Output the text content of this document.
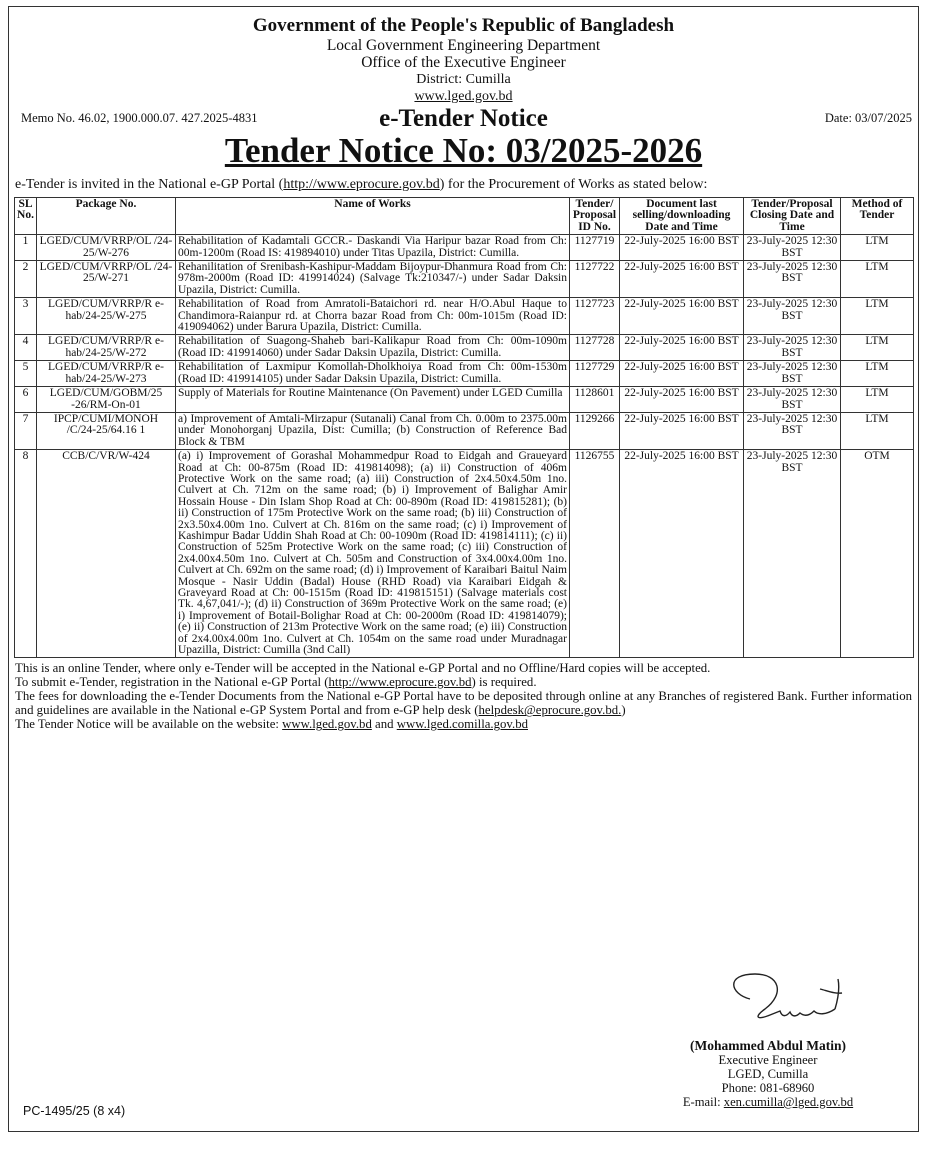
Government of the People's Republic of Bangladesh
Local Government Engineering Department
Office of the Executive Engineer
District: Cumilla
www.lged.gov.bd
e-Tender Notice
Memo No. 46.02, 1900.000.07. 427.2025-4831	Date: 03/07/2025
Tender Notice No: 03/2025-2026
e-Tender is invited in the National e-GP Portal (http://www.eprocure.gov.bd) for the Procurement of Works as stated below:
SL No.	Package No.	Name of Works	Tender/ Proposal ID No.	Document last selling/downloading Date and Time	Tender/Proposal Closing Date and Time	Method of Tender
1	LGED/CUM/VRRP/OL /24-25/W-276	Rehabilitation of Kadamtali GCCR.- Daskandi Via Haripur bazar Road from Ch: 00m-1200m (Road IS: 419894010) under Titas Upazila, District: Cumilla.	1127719	22-July-2025 16:00 BST	23-July-2025 12:30 BST	LTM
2	LGED/CUM/VRRP/OL /24-25/W-271	Rehanilitation of Srenibash-Kashipur-Maddam Bijoypur-Dhanmura Road from Ch: 978m-2000m (Road ID: 419914024) (Salvage Tk:210347/-) under Sadar Daksin Upazila, District: Cumilla.	1127722	22-July-2025 16:00 BST	23-July-2025 12:30 BST	LTM
3	LGED/CUM/VRRP/R e-hab/24-25/W-275	Rehabilitation of Road from Amratoli-Bataichori rd. near H/O.Abul Haque to Chandimora-Raianpur rd. at Chorra bazar Road from Ch: 00m-1015m (Road ID: 419094062) under Barura Upazila, District: Cumilla.	1127723	22-July-2025 16:00 BST	23-July-2025 12:30 BST	LTM
4	LGED/CUM/VRRP/R e-hab/24-25/W-272	Rehabilitation of Suagong-Shaheb bari-Kalikapur Road from Ch: 00m-1090m (Road ID: 419914060) under Sadar Daksin Upazila, District: Cumilla.	1127728	22-July-2025 16:00 BST	23-July-2025 12:30 BST	LTM
5	LGED/CUM/VRRP/R e-hab/24-25/W-273	Rehabilitation of Laxmipur Komollah-Dholkhoiya Road from Ch: 00m-1530m (Road ID: 419914105) under Sadar Daksin Upazila, District: Cumilla.	1127729	22-July-2025 16:00 BST	23-July-2025 12:30 BST	LTM
6	LGED/CUM/GOBM/25 -26/RM-On-01	Supply of Materials for Routine Maintenance (On Pavement) under LGED Cumilla	1128601	22-July-2025 16:00 BST	23-July-2025 12:30 BST	LTM
7	IPCP/CUMI/MONOH /C/24-25/64.16 1	a) Improvement of Amtali-Mirzapur (Sutanali) Canal from Ch. 0.00m to 2375.00m under Monohorganj Upazila, Dist: Cumilla; (b) Construction of Reference Bad Block & TBM	1129266	22-July-2025 16:00 BST	23-July-2025 12:30 BST	LTM
8	CCB/C/VR/W-424	(a) i) Improvement of Gorashal Mohammedpur Road to Eidgah and Graueyard Road at Ch: 00-875m (Road ID: 419814098); (a) ii) Construction of 406m Protective Work on the same road; (a) iii) Construction of 2x4.50x4.50m 1no. Culvert at Ch. 712m on the same road; (b) i) Improvement of Balighar Amir Hossain House - Din Islam Shop Road at Ch: 00-890m (Road ID: 419815281); (b) ii) Construction of 175m Protective Work on the same road; (b) iii) Construction of 2x3.50x4.00m 1no. Culvert at Ch. 816m on the same road; (c) i) Improvement of Kashimpur Badar Uddin Shah Road at Ch: 00-1090m (Road ID: 419814111); (c) ii) Construction of 525m Protective Work on the same road; (c) iii) Construction of 2x4.00x4.50m 1no. Culvert at Ch. 505m and Construction of 3x4.00x4.00m 1no. Culvert at Ch. 692m on the same road; (d) i) Improvement of Karaibari Baitul Naim Mosque - Nasir Uddin (Badal) House (RHD Road) via Karaibari Eidgah & Graveyard Road at Ch: 00-1515m (Road ID: 419815151) (Salvage materials cost Tk. 4,67,041/-); (d) ii) Construction of 369m Protective Work on the same road; (e) i) Improvement of Botail-Bolighar Road at Ch: 00-2000m (Road ID: 419814079); (e) ii) Construction of 213m Protective Work on the same road; (e) iii) Construction of 2x4.00x4.00m 1no. Culvert at Ch. 1054m on the same road under Muradnagar Upazilla, District: Cumilla (3nd Call)	1126755	22-July-2025 16:00 BST	23-July-2025 12:30 BST	OTM

This is an online Tender, where only e-Tender will be accepted in the National e-GP Portal and no Offline/Hard copies will be accepted.

To submit e-Tender, registration in the National e-GP Portal (http://www.eprocure.gov.bd) is required.

The fees for downloading the e-Tender Documents from the National e-GP Portal have to be deposited through online at any Branches of registered Bank. Further information and guidelines are available in the National e-GP System Portal and from e-GP help desk (helpdesk@eprocure.gov.bd.)

The Tender Notice will be available on the website: www.lged.gov.bd and www.lged.comilla.gov.bd

(Mohammed Abdul Matin)
Executive Engineer
LGED, Cumilla
Phone: 081-68960
E-mail: xen.cumilla@lged.gov.bd
PC-1495/25 (8 x4)
